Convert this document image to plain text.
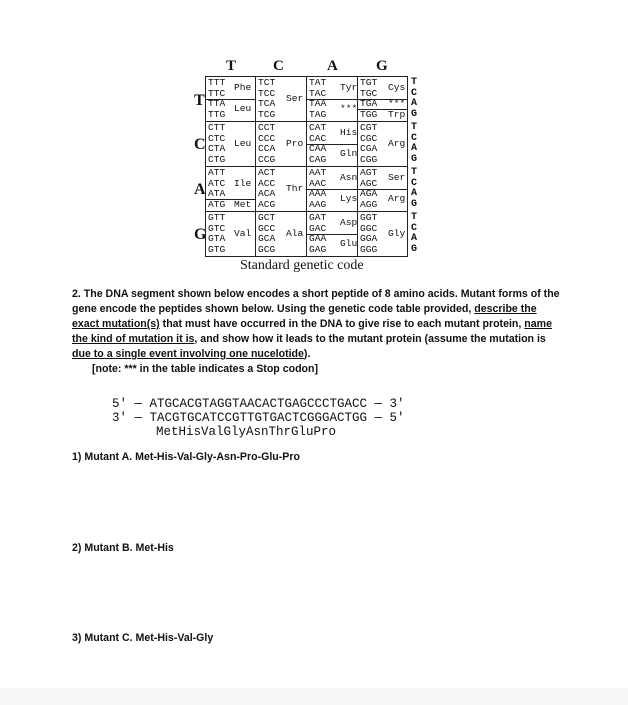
T C	A	G
T
C
A
G
T
C
A
G
T
C
A
G
T
C
A
G
T
C
A
G
TTT
TTC
TTA
TTG
Phe
Leu
TCT
TCC
TCA
TCG
Ser
TAT
TAC
TAA
TAG
Tyr
***
TGT
TGC
TGA
TGG
Cys
***
Trp
CTT
CTC
CTA
CTG
Leu
CCT
CCC
CCA
CCG
Pro
CAT
CAC
CAA
CAG
His
Gln
CGT
CGC
CGA
CGG
Arg
ATT
ATC
ATA
ATG
Ile
Met
ACT
ACC
ACA
ACG
Thr
AAT
AAC
AAA
AAG
Asn
Lys
AGT
AGC
AGA
AGG
Ser
Arg
GTT
GTC
GTA
GTG
Val
GCT
GCC
GCA
GCG
Ala
GAT
GAC
GAA
GAG
Asp
Glu
GGT
GGC
GGA
GGG
Gly
Standard genetic code
2. The DNA segment shown below encodes a short peptide of 8 amino acids. Mutant forms of the gene encode the peptides shown below. Using the genetic code table provided, describe the exact mutation(s) that must have occurred in the DNA to give rise to each mutant protein, name the kind of mutation it is, and show how it leads to the mutant protein (assume the mutation is due to a single event involving one nucelotide).
[note: *** in the table indicates a Stop codon]
5' — ATGCACGTAGGTAACACTGAGCCCTGACC — 3'
3' — TACGTGCATCCGTTGTGACTCGGGACTGG — 5'
MetHisValGlyAsnThrGluPro
1) Mutant A. Met-His-Val-Gly-Asn-Pro-Glu-Pro
2) Mutant B. Met-His
3) Mutant C. Met-His-Val-Gly
